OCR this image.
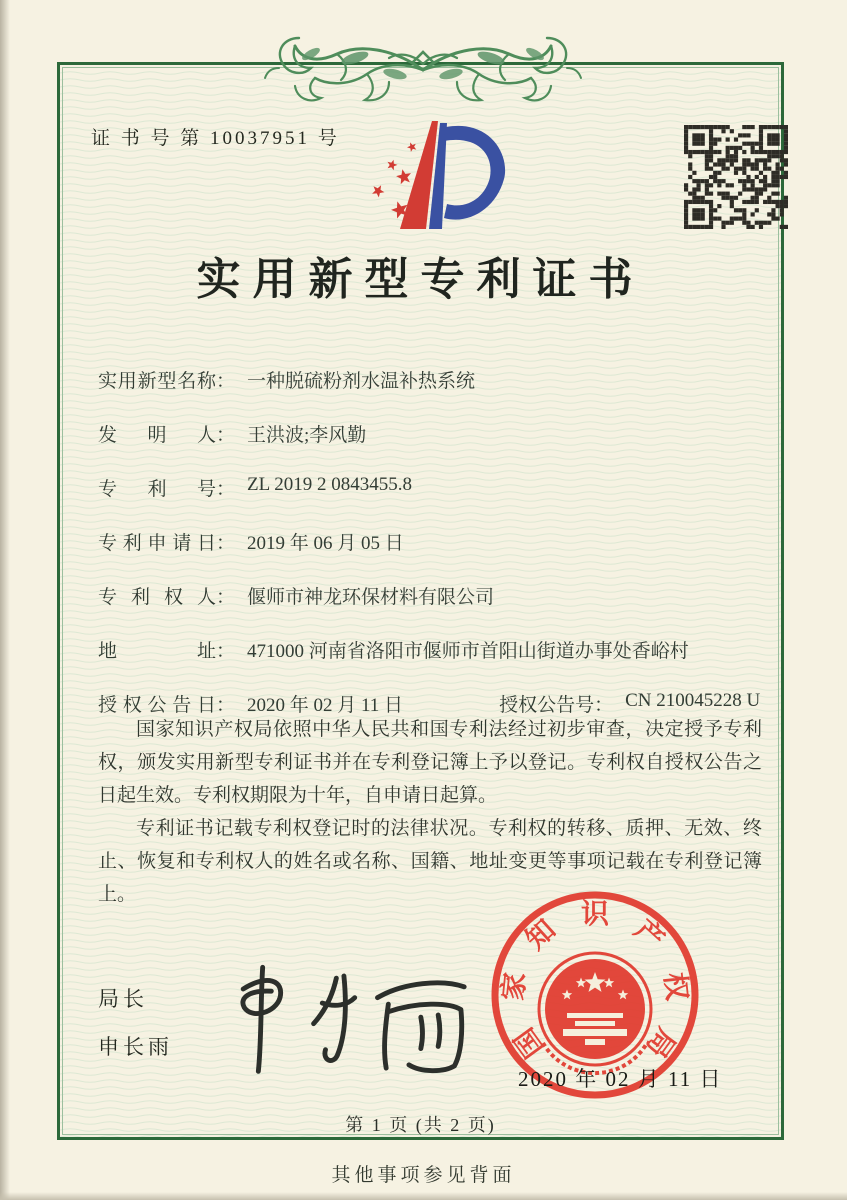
证 书 号 第 10037951 号
实用新型专利证书
实用新型名称 ： 一种脱硫粉剂水温补热系统
发明人 ： 王洪波;李风勤
专利号 ： ZL 2019 2 0843455.8
专利申请日 ： 2019 年 06 月 05 日
专利权人 ： 偃师市神龙环保材料有限公司
地址 ： 471000 河南省洛阳市偃师市首阳山街道办事处香峪村
授权公告日 ： 2020 年 02 月 11 日	授权公告号 ： CN 210045228 U

国家知识产权局依照中华人民共和国专利法经过初步审查，决定授予专利权，颁发实用新型专利证书并在专利登记簿上予以登记。专利权自授权公告之日起生效。专利权期限为十年，自申请日起算。

专利证书记载专利权登记时的法律状况。专利权的转移、质押、无效、终止、恢复和专利权人的姓名或名称、国籍、地址变更等事项记载在专利登记簿上。

局长
申长雨	国
家
知 识 产
权
局
2020 年 02 月 11 日
第 1 页 (共 2 页)
其他事项参见背面
